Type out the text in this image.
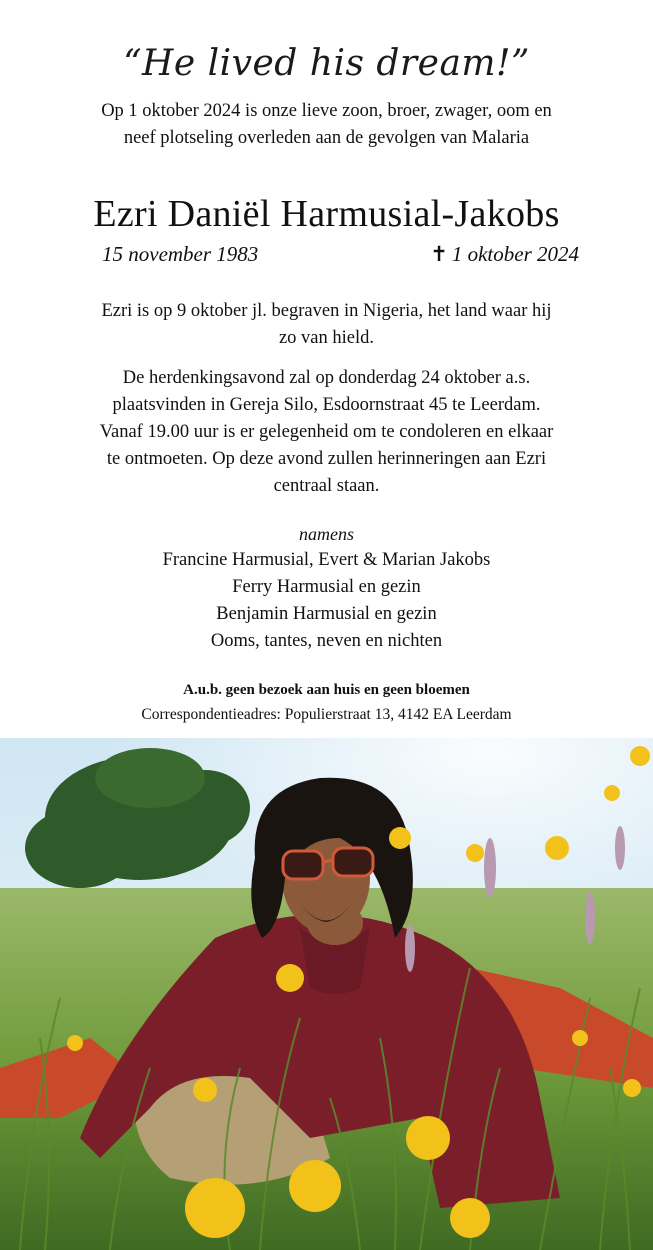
“He lived his dream!”
Op 1 oktober 2024 is onze lieve zoon, broer, zwager, oom en
neef plotseling overleden aan de gevolgen van Malaria
Ezri Daniël Harmusial-Jakobs
15 november 1983	✝ 1 oktober 2024
Ezri is op 9 oktober jl. begraven in Nigeria, het land waar hij
zo van hield.
De herdenkingsavond zal op donderdag 24 oktober a.s.
plaatsvinden in Gereja Silo, Esdoornstraat 45 te Leerdam.
Vanaf 19.00 uur is er gelegenheid om te condoleren en elkaar
te ontmoeten. Op deze avond zullen herinneringen aan Ezri
centraal staan.
namens
Francine Harmusial, Evert & Marian Jakobs
Ferry Harmusial en gezin
Benjamin Harmusial en gezin
Ooms, tantes, neven en nichten
A.u.b. geen bezoek aan huis en geen bloemen
Correspondentieadres: Populierstraat 13, 4142 EA Leerdam
